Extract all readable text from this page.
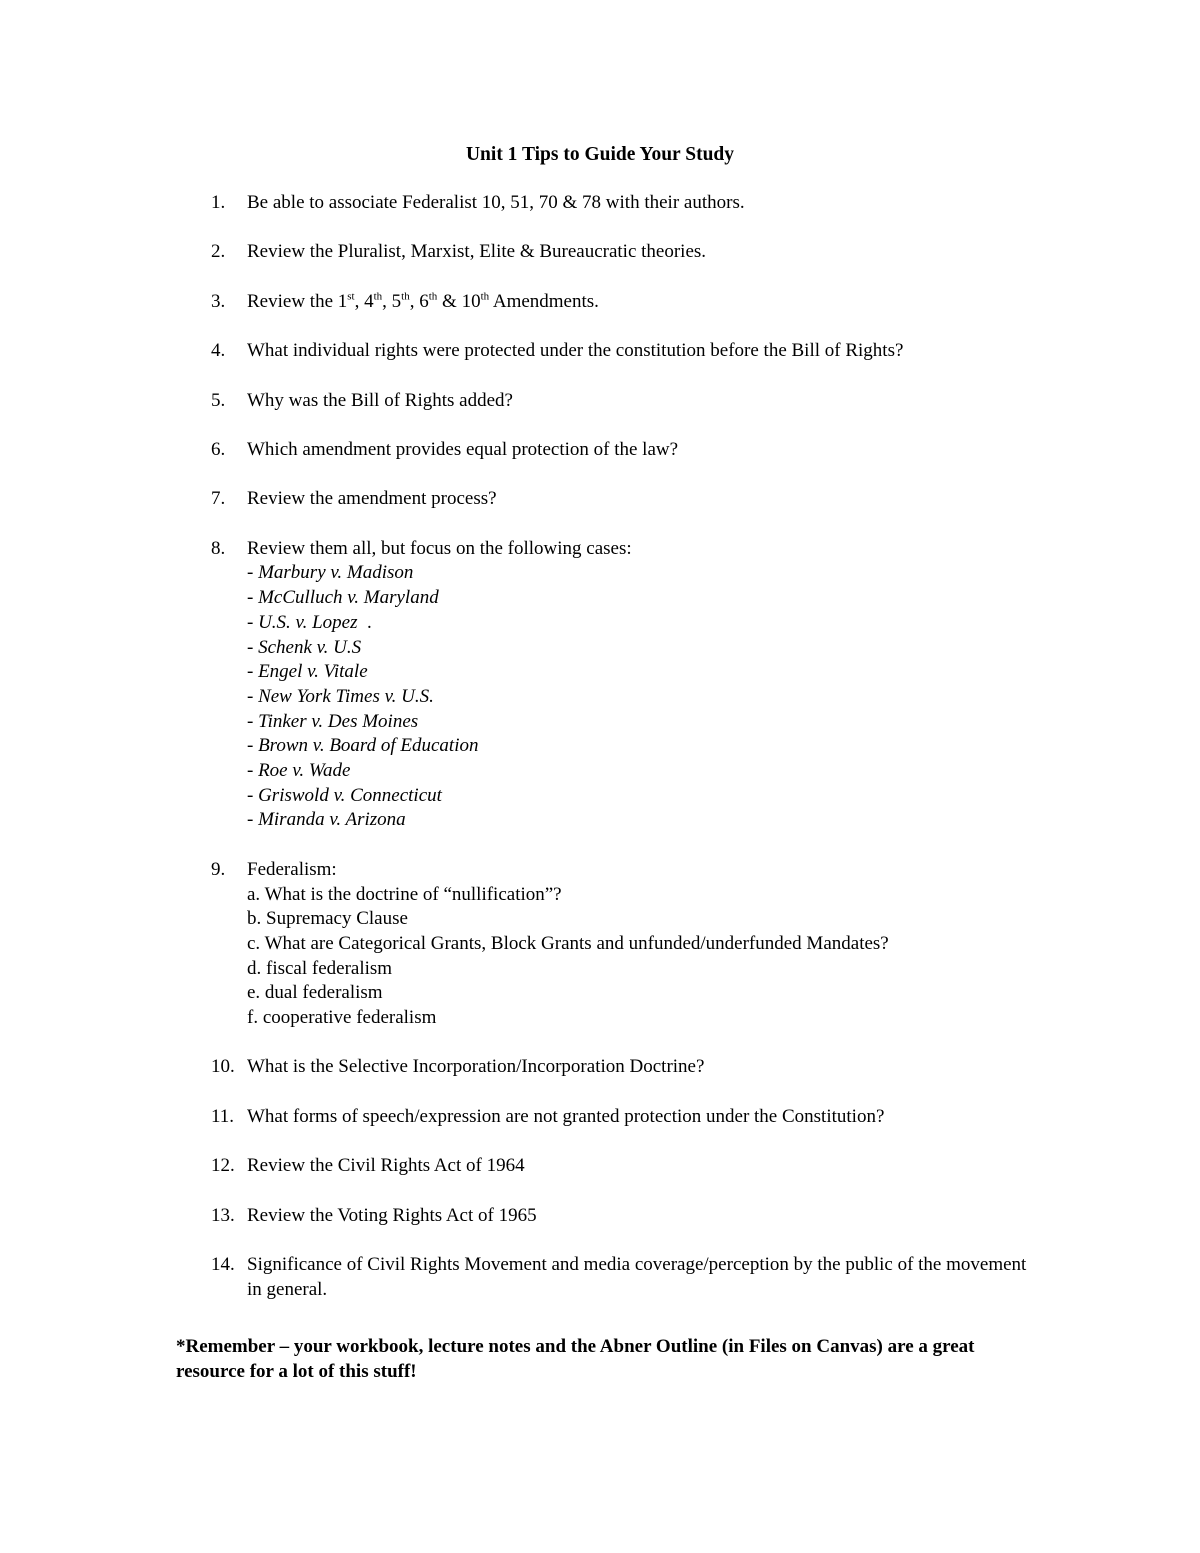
Unit 1 Tips to Guide Your Study
1.	Be able to associate Federalist 10, 51, 70 & 78 with their authors.
2.	Review the Pluralist, Marxist, Elite & Bureaucratic theories.
3.	Review the 1st, 4th, 5th, 6th & 10th Amendments.
4.	What individual rights were protected under the constitution before the Bill of Rights?
5.	Why was the Bill of Rights added?
6.	Which amendment provides equal protection of the law?
7.	Review the amendment process?
8.	Review them all, but focus on the following cases:
- Marbury v. Madison
- McCulluch v. Maryland
- U.S. v. Lopez  .
- Schenk v. U.S
- Engel v. Vitale
- New York Times v. U.S.
- Tinker v. Des Moines
- Brown v. Board of Education
- Roe v. Wade
- Griswold v. Connecticut
- Miranda v. Arizona
9.	Federalism:
a. What is the doctrine of “nullification”?
b. Supremacy Clause
c. What are Categorical Grants, Block Grants and unfunded/underfunded Mandates?
d. fiscal federalism
e. dual federalism
f. cooperative federalism
10. What is the Selective Incorporation/Incorporation Doctrine?
11. What forms of speech/expression are not granted protection under the Constitution?
12. Review the Civil Rights Act of 1964
13. Review the Voting Rights Act of 1965
14. Significance of Civil Rights Movement and media coverage/perception by the public of the movement in general.

*Remember – your workbook, lecture notes and the Abner Outline (in Files on Canvas) are a great resource for a lot of this stuff!
